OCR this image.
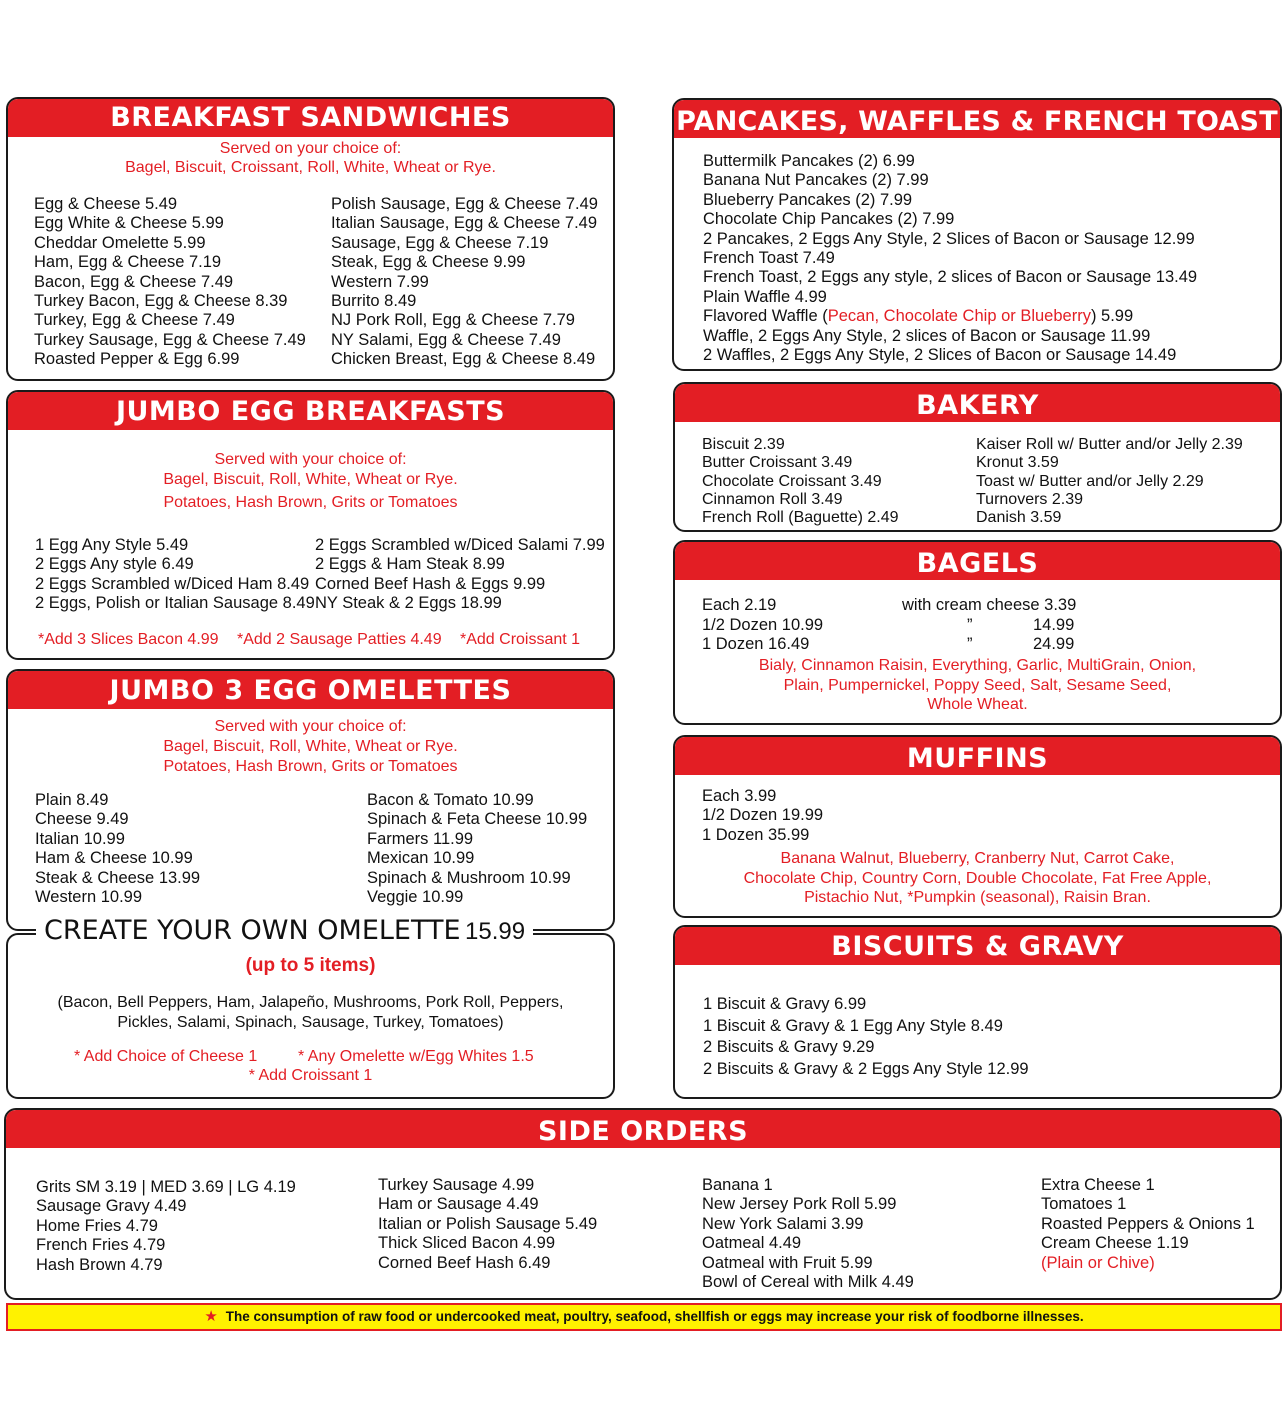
BREAKFAST SANDWICHES
Served on your choice of:
Bagel, Biscuit, Croissant, Roll, White, Wheat or Rye.
Egg & Cheese 5.49
Egg White & Cheese 5.99
Cheddar Omelette 5.99
Ham, Egg & Cheese 7.19
Bacon, Egg & Cheese 7.49
Turkey Bacon, Egg & Cheese 8.39
Turkey, Egg & Cheese 7.49
Turkey Sausage, Egg & Cheese 7.49
Roasted Pepper & Egg 6.99
Polish Sausage, Egg & Cheese 7.49
Italian Sausage, Egg & Cheese 7.49
Sausage, Egg & Cheese 7.19
Steak, Egg & Cheese 9.99
Western 7.99
Burrito 8.49
NJ Pork Roll, Egg & Cheese 7.79
NY Salami, Egg & Cheese 7.49
Chicken Breast, Egg & Cheese 8.49
JUMBO EGG BREAKFASTS
Served with your choice of:
Bagel, Biscuit, Roll, White, Wheat or Rye.
Potatoes, Hash Brown, Grits or Tomatoes
1 Egg Any Style 5.49
2 Eggs Any style 6.49
2 Eggs Scrambled w/Diced Ham 8.49
2 Eggs, Polish or Italian Sausage 8.49
2 Eggs Scrambled w/Diced Salami 7.99
2 Eggs & Ham Steak 8.99
Corned Beef Hash & Eggs 9.99
NY Steak & 2 Eggs 18.99
*Add 3 Slices Bacon 4.99 *Add 2 Sausage Patties 4.49 *Add Croissant 1
JUMBO 3 EGG OMELETTES
Served with your choice of:
Bagel, Biscuit, Roll, White, Wheat or Rye.
Potatoes, Hash Brown, Grits or Tomatoes
Plain 8.49
Cheese 9.49
Italian 10.99
Ham & Cheese 10.99
Steak & Cheese 13.99
Western 10.99
Bacon & Tomato 10.99
Spinach & Feta Cheese 10.99
Farmers 11.99
Mexican 10.99
Spinach & Mushroom 10.99
Veggie 10.99
CREATE YOUR OWN OMELETTE 15.99
(up to 5 items)
(Bacon, Bell Peppers, Ham, Jalapeño, Mushrooms, Pork Roll, Peppers,
Pickles, Salami, Spinach, Sausage, Turkey, Tomatoes)
* Add Choice of Cheese 1	* Any Omelette w/Egg Whites 1.5
* Add Croissant 1
PANCAKES, WAFFLES & FRENCH TOAST
Buttermilk Pancakes (2) 6.99
Banana Nut Pancakes (2) 7.99
Blueberry Pancakes (2) 7.99
Chocolate Chip Pancakes (2) 7.99
2 Pancakes, 2 Eggs Any Style, 2 Slices of Bacon or Sausage 12.99
French Toast 7.49
French Toast, 2 Eggs any style, 2 slices of Bacon or Sausage 13.49
Plain Waffle 4.99
Flavored Waffle (Pecan, Chocolate Chip or Blueberry) 5.99
Waffle, 2 Eggs Any Style, 2 slices of Bacon or Sausage 11.99
2 Waffles, 2 Eggs Any Style, 2 Slices of Bacon or Sausage 14.49
BAKERY
Biscuit 2.39
Butter Croissant 3.49
Chocolate Croissant 3.49
Cinnamon Roll 3.49
French Roll (Baguette) 2.49
Kaiser Roll w/ Butter and/or Jelly 2.39
Kronut 3.59
Toast w/ Butter and/or Jelly 2.29
Turnovers 2.39
Danish 3.59
BAGELS
Each 2.19	with cream cheese 3.39
1/2 Dozen 10.99	”	14.99
1 Dozen 16.49	”	24.99
Bialy, Cinnamon Raisin, Everything, Garlic, MultiGrain, Onion,
Plain, Pumpernickel, Poppy Seed, Salt, Sesame Seed,
Whole Wheat.
MUFFINS
Each 3.99
1/2 Dozen 19.99
1 Dozen 35.99
Banana Walnut, Blueberry, Cranberry Nut, Carrot Cake,
Chocolate Chip, Country Corn, Double Chocolate, Fat Free Apple,
Pistachio Nut, *Pumpkin (seasonal), Raisin Bran.
BISCUITS & GRAVY
1 Biscuit & Gravy 6.99
1 Biscuit & Gravy & 1 Egg Any Style 8.49
2 Biscuits & Gravy 9.29
2 Biscuits & Gravy & 2 Eggs Any Style 12.99
SIDE ORDERS
Grits SM 3.19 | MED 3.69 | LG 4.19
Sausage Gravy 4.49
Home Fries 4.79
French Fries 4.79
Hash Brown 4.79
Turkey Sausage 4.99
Ham or Sausage 4.49
Italian or Polish Sausage 5.49
Thick Sliced Bacon 4.99
Corned Beef Hash 6.49
Banana 1
New Jersey Pork Roll 5.99
New York Salami 3.99
Oatmeal 4.49
Oatmeal with Fruit 5.99
Bowl of Cereal with Milk 4.49
Extra Cheese 1
Tomatoes 1
Roasted Peppers & Onions 1
Cream Cheese 1.19
(Plain or Chive)
★ The consumption of raw food or undercooked meat, poultry, seafood, shellfish or eggs may increase your risk of foodborne illnesses.
